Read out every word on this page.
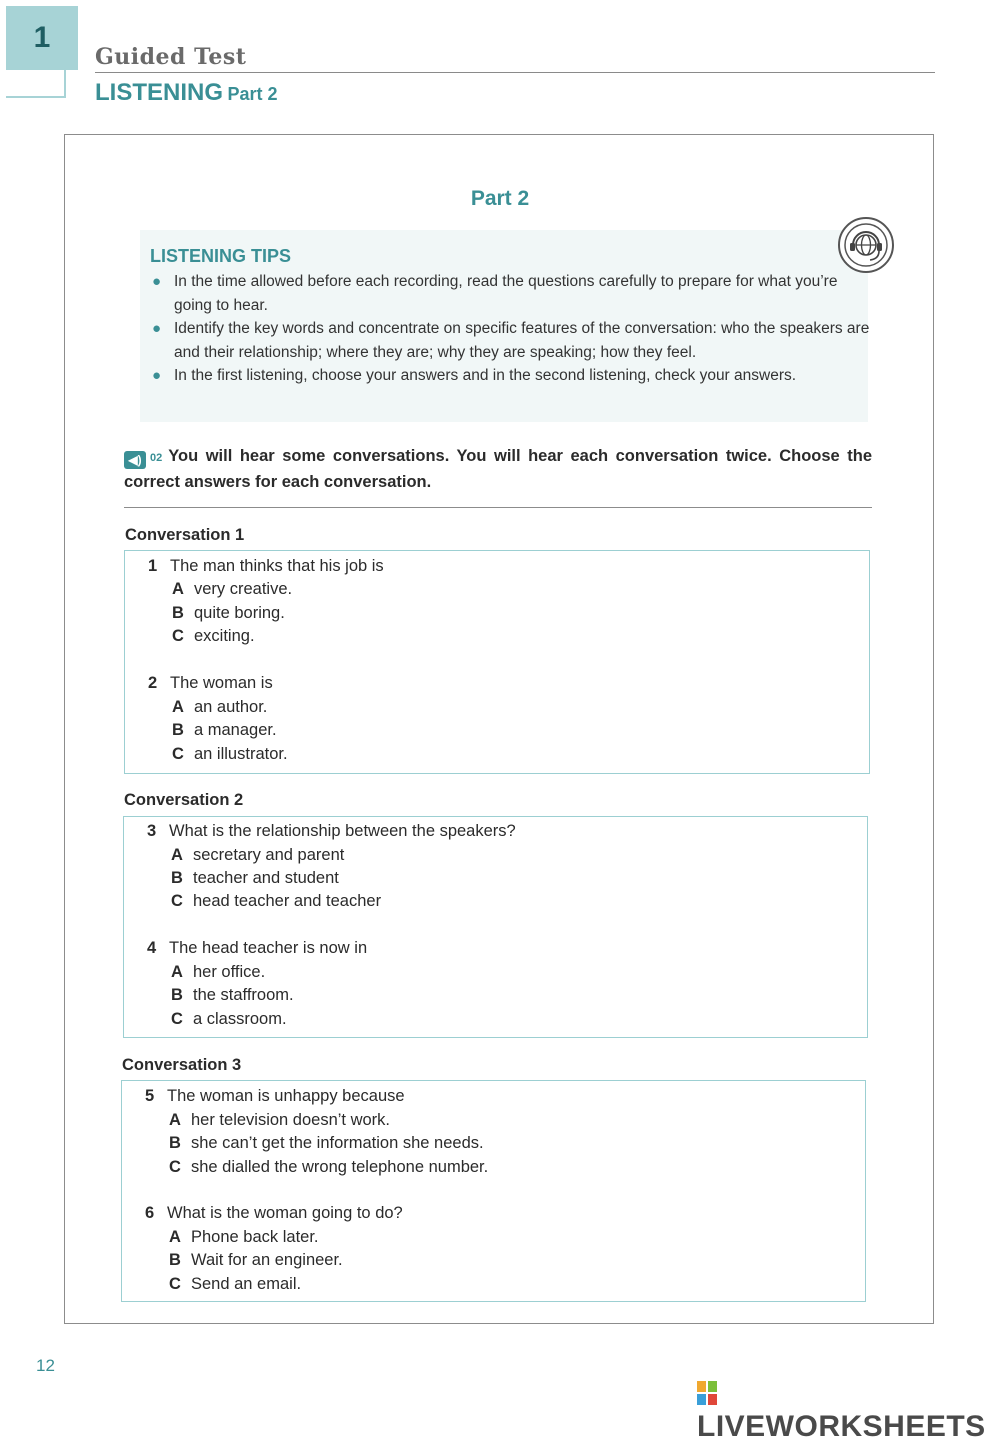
1
Guided Test
LISTENING Part 2
Part 2
LISTENING TIPS
● In the time allowed before each recording, read the questions carefully to prepare for what you’re going to hear.
● Identify the key words and concentrate on specific features of the conversation: who the speakers are and their relationship; where they are; why they are speaking; how they feel.
● In the first listening, choose your answers and in the second listening, check your answers.
◀) 02 You will hear some conversations. You will hear each conversation twice. Choose the correct answers for each conversation.
Conversation 1
1 The man thinks that his job is
A very creative.
B quite boring.
C exciting.
2 The woman is
A an author.
B a manager.
C an illustrator.
Conversation 2
3 What is the relationship between the speakers?
A secretary and parent
B teacher and student
C head teacher and teacher
4 The head teacher is now in
A her office.
B the staffroom.
C a classroom.
Conversation 3
5 The woman is unhappy because
A her television doesn’t work.
B she can’t get the information she needs.
C she dialled the wrong telephone number.
6 What is the woman going to do?
A Phone back later.
B Wait for an engineer.
C Send an email.
12
LIVEWORKSHEETS
